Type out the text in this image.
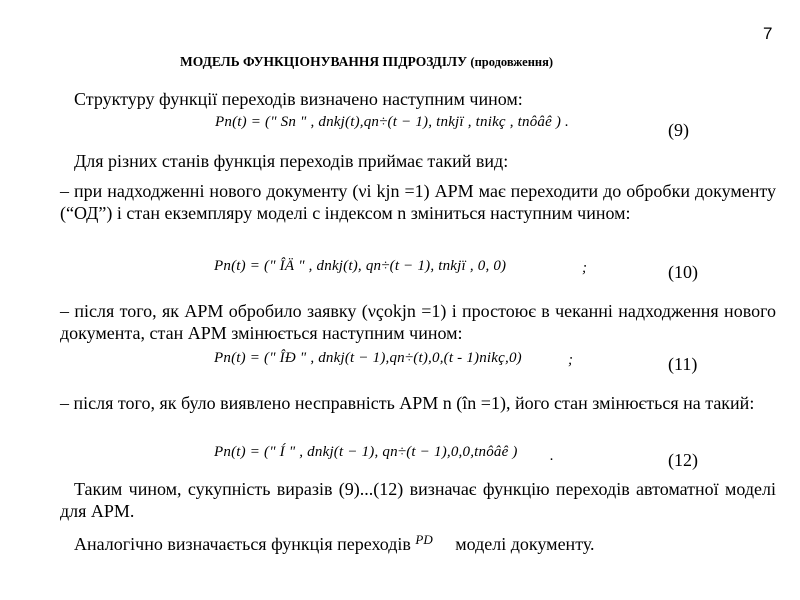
7
МОДЕЛЬ ФУНКЦІОНУВАННЯ ПІДРОЗДІЛУ (продовження)
Структуру функції переходів визначено наступним чином:
Pn(t) = (" Sn " , dnkj(t),qn÷(t − 1), tnkjï , tnikç , tnôâê ) .	(9)
Для різних станів функція переходів приймає такий вид:
– при надходженні нового документу (νi kjn =1) АРМ має переходити до обробки документу (“ОД”) і стан екземпляру моделі с індексом n зміниться наступним чином:
Pn(t) = (" ÎÄ " , dnkj(t), qn÷(t − 1), tnkjï , 0, 0)	;	(10)
– після того, як АРМ обробило заявку (νçokjn =1) і простоює в чеканні надходження нового документа, стан АРМ змінюється наступним чином:
Pn(t) = (" ÎÐ " , dnkj(t − 1),qn÷(t),0,(t - 1)nikç,0)	;	(11)
– після того, як було виявлено несправність АРМ n (în =1), його стан змінюється на такий:
Pn(t) = (" Í " , dnkj(t − 1), qn÷(t − 1),0,0,tnôâê ) .	(12)
Таким чином, сукупність виразів (9)...(12) визначає функцію переходів автоматної моделі для АРМ.
Аналогічно визначається функція переходів $^{PD}$ моделі документу.
